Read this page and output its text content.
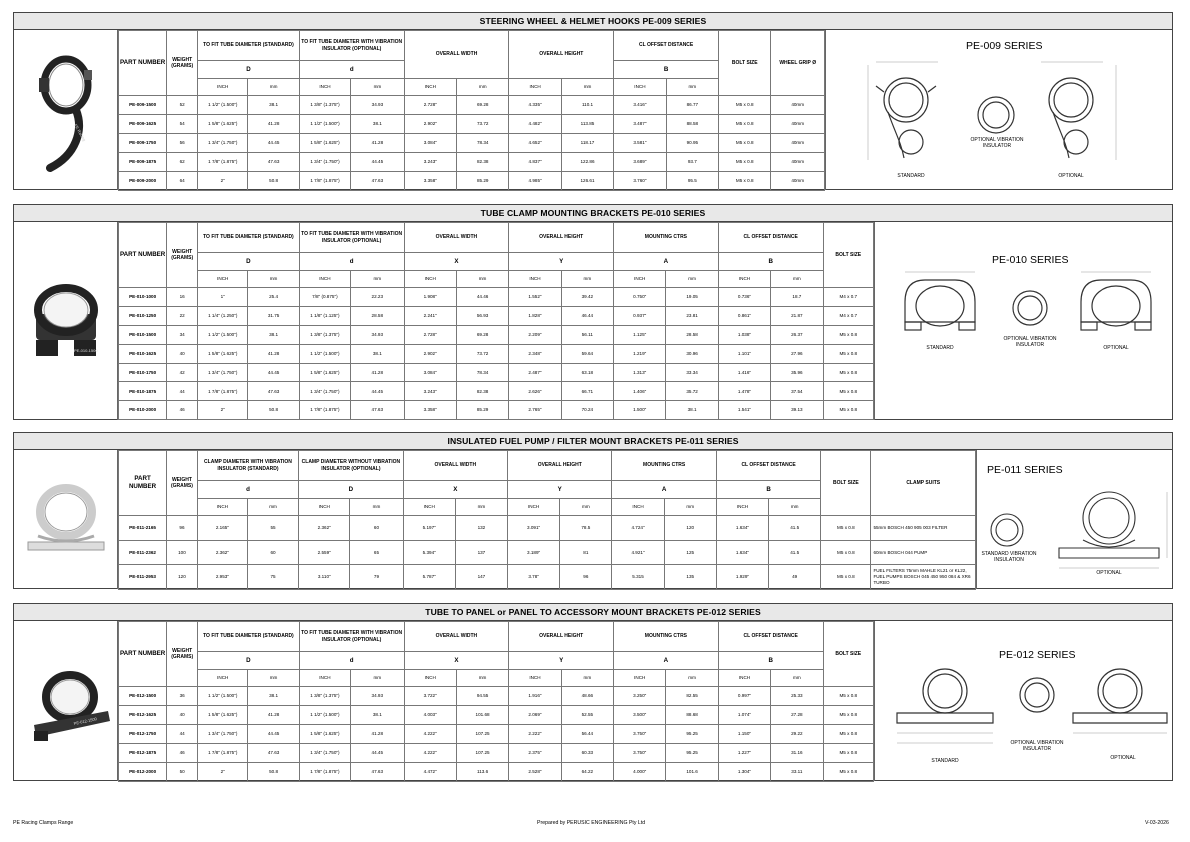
STEERING WHEEL & HELMET HOOKS PE-009 SERIES
PE Racing
PART NUMBER	WEIGHT (GRAMS)	TO FIT TUBE DIAMETER (STANDARD)		TO FIT TUBE DIAMETER WITH VIBRATION INSULATOR (OPTIONAL)		OVERALL WIDTH		OVERALL HEIGHT		CL OFFSET DISTANCE		BOLT SIZE	WHEEL GRIP Ø
		D		d						B			
		INCH	mm	INCH	mm	INCH	mm	INCH	mm	INCH	mm		
PE-009-1500	52	1 1/2" (1.500")	38.1	1 3/8" (1.375")	34.93	2.728"	69.28	4.335"	110.1	3.416"	86.77	M5 x 0.8	40mm
PE-009-1625	54	1 5/8" (1.625")	41.28	1 1/2" (1.500")	38.1	2.902"	73.72	4.482"	113.85	3.487"	88.58	M5 x 0.8	40mm
PE-009-1750	56	1 3/4" (1.750")	44.45	1 5/8" (1.625")	41.28	3.084"	78.34	4.652"	118.17	3.581"	90.95	M5 x 0.8	40mm
PE-009-1875	62	1 7/8" (1.875")	47.63	1 3/4" (1.750")	44.45	3.243"	82.38	4.837"	122.86	3.689"	93.7	M5 x 0.8	40mm
PE-009-2000	64	2"	50.8	1 7/8" (1.875")	47.63	3.358"	85.29	4.985"	126.61	3.760"	95.5	M5 x 0.8	40mm
PE-009 SERIES
STANDARD
OPTIONAL VIBRATION INSULATOR
OPTIONAL
TUBE CLAMP MOUNTING BRACKETS PE-010 SERIES
PE-010-1500
PART NUMBER	WEIGHT (GRAMS)	TO FIT TUBE DIAMETER (STANDARD)		TO FIT TUBE DIAMETER WITH VIBRATION INSULATOR (OPTIONAL)		OVERALL WIDTH		OVERALL HEIGHT		MOUNTING CTRS		CL OFFSET DISTANCE		BOLT SIZE
		D		d		X		Y		A		B		
		INCH	mm	INCH	mm	INCH	mm	INCH	mm	INCH	mm	INCH	mm	
PE-010-1000	16	1"	25.4	7/8" (0.875")	22.23	1.908"	44.46	1.552"	39.42	0.750"	19.05	0.736"	18.7	M4 x 0.7
PE-010-1250	22	1 1/4" (1.250")	31.75	1 1/8" (1.125")	28.58	2.241"	56.93	1.828"	46.44	0.937"	23.81	0.861"	21.87	M4 x 0.7
PE-010-1500	34	1 1/2" (1.500")	38.1	1 3/8" (1.375")	34.93	2.728"	69.28	2.209"	56.11	1.125"	28.58	1.038"	26.37	M5 x 0.8
PE-010-1625	40	1 5/8" (1.625")	41.28	1 1/2" (1.500")	38.1	2.902"	73.72	2.348"	59.64	1.219"	30.96	1.101"	27.96	M5 x 0.8
PE-010-1750	42	1 3/4" (1.750")	44.45	1 5/8" (1.625")	41.28	3.084"	78.34	2.487"	63.18	1.313"	33.34	1.416"	35.96	M5 x 0.8
PE-010-1875	44	1 7/8" (1.875")	47.63	1 3/4" (1.750")	44.45	3.243"	82.38	2.626"	66.71	1.406"	35.72	1.478"	37.54	M5 x 0.8
PE-010-2000	46	2"	50.8	1 7/8" (1.875")	47.63	3.358"	85.29	2.765"	70.24	1.500"	38.1	1.541"	39.13	M5 x 0.8
PE-010 SERIES
STANDARD
OPTIONAL VIBRATION INSULATOR
OPTIONAL
INSULATED FUEL PUMP / FILTER MOUNT BRACKETS PE-011 SERIES
PART NUMBER	WEIGHT (GRAMS)	CLAMP DIAMETER WITH VIBRATION INSULATOR (STANDARD)		CLAMP DIAMETER WITHOUT VIBRATION INSULATOR (OPTIONAL)		OVERALL WIDTH		OVERALL HEIGHT		MOUNTING CTRS		CL OFFSET DISTANCE		BOLT SIZE	CLAMP SUITS
		d		D		X		Y		A		B			
		INCH	mm	INCH	mm	INCH	mm	INCH	mm	INCH	mm	INCH	mm		
PE-011-2165	96	2.165"	55	2.362"	60	5.197"	132	3.091"	78.5	4.724"	120	1.634"	41.5	M5 x 0.8	55mm BOSCH 450 905 003 FILTER
PE-011-2362	100	2.362"	60	2.559"	65	5.394"	137	3.189"	81	4.921"	125	1.634"	41.5	M5 x 0.8	60mm BOSCH 044 PUMP
PE-011-2953	120	2.953"	75	3.110"	79	5.787"	147	3.78"	96	5.315	135	1.929"	49	M5 x 0.8	FUEL FILTERS 75mm MAHLE KL21 or KL22, FUEL PUMPS BOSCH 045 450 950 084 & XR6 TURBO
PE-011 SERIES
STANDARD VIBRATION INSULATION
OPTIONAL
TUBE TO PANEL or PANEL TO ACCESSORY MOUNT BRACKETS PE-012 SERIES
PE-012-1500
PART NUMBER	WEIGHT (GRAMS)	TO FIT TUBE DIAMETER (STANDARD)		TO FIT TUBE DIAMETER WITH VIBRATION INSULATOR (OPTIONAL)		OVERALL WIDTH		OVERALL HEIGHT		MOUNTING CTRS		CL OFFSET DISTANCE		BOLT SIZE
		D		d		X		Y		A		B		
		INCH	mm	INCH	mm	INCH	mm	INCH	mm	INCH	mm	INCH	mm	
PE-012-1500	36	1 1/2" (1.500")	38.1	1 3/8" (1.375")	34.93	3.722"	94.55	1.916"	48.66	3.250"	82.55	0.997"	25.33	M5 x 0.8
PE-012-1625	40	1 5/8" (1.625")	41.28	1 1/2" (1.500")	38.1	4.003"	101.68	2.069"	52.55	3.500"	88.68	1.074"	27.28	M5 x 0.8
PE-012-1750	44	1 3/4" (1.750")	44.45	1 5/8" (1.625")	41.28	4.222"	107.25	2.222"	56.44	3.750"	95.25	1.150"	29.22	M5 x 0.8
PE-012-1875	46	1 7/8" (1.875")	47.63	1 3/4" (1.750")	44.45	4.222"	107.25	2.375"	60.33	3.750"	95.25	1.227"	31.16	M5 x 0.8
PE-012-2000	50	2"	50.8	1 7/8" (1.875")	47.63	4.472"	113.6	2.528"	64.22	4.000"	101.6	1.304"	33.11	M5 x 0.8
PE-012 SERIES
STANDARD
OPTIONAL VIBRATION INSULATOR
OPTIONAL
PE Racing Clamps Range	Prepared by PERUSIC ENGINEERING Pty Ltd	V-03-2026
